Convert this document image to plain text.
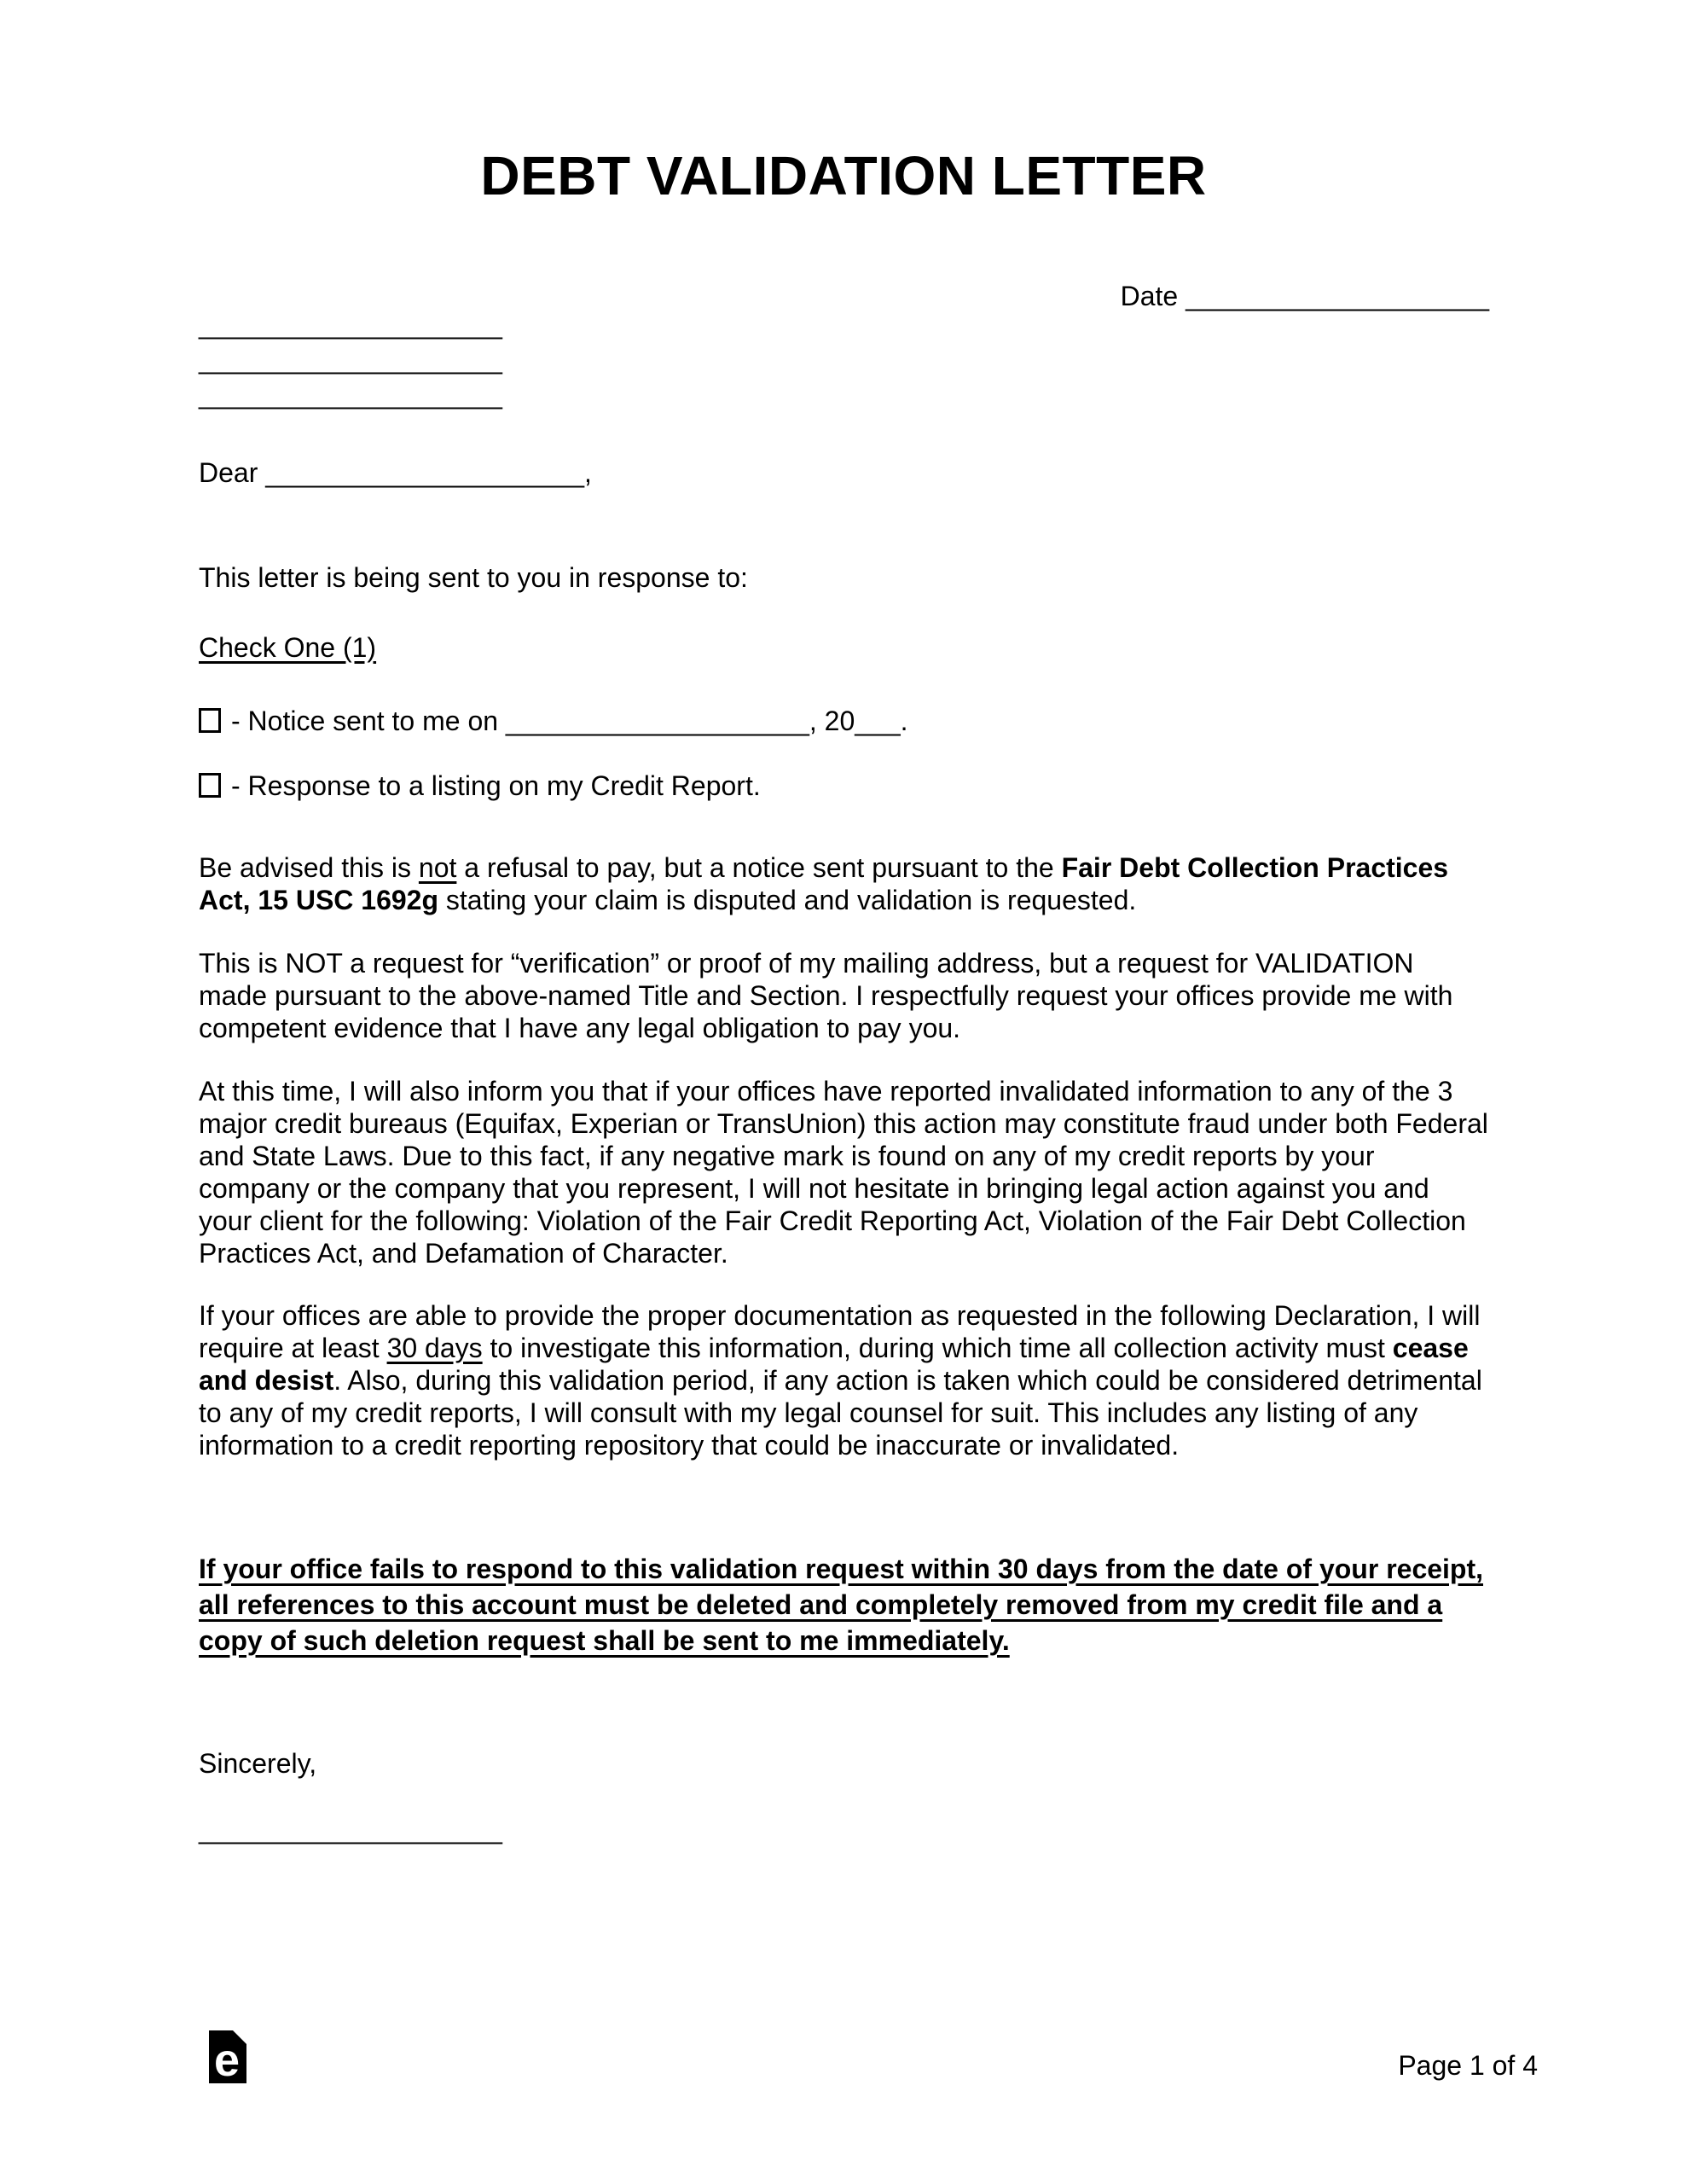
DEBT VALIDATION LETTER
Date ____________________
____________________
____________________
____________________
Dear _____________________,
This letter is being sent to you in response to:
Check One (1)
- Notice sent to me on ____________________, 20___.
- Response to a listing on my Credit Report.
Be advised this is not a refusal to pay, but a notice sent pursuant to the Fair Debt Collection Practices Act, 15 USC 1692g stating your claim is disputed and validation is requested.
This is NOT a request for “verification” or proof of my mailing address, but a request for VALIDATION made pursuant to the above-named Title and Section. I respectfully request your offices provide me with competent evidence that I have any legal obligation to pay you.
At this time, I will also inform you that if your offices have reported invalidated information to any of the 3 major credit bureaus (Equifax, Experian or TransUnion) this action may constitute fraud under both Federal and State Laws. Due to this fact, if any negative mark is found on any of my credit reports by your company or the company that you represent, I will not hesitate in bringing legal action against you and your client for the following: Violation of the Fair Credit Reporting Act, Violation of the Fair Debt Collection Practices Act, and Defamation of Character.
If your offices are able to provide the proper documentation as requested in the following Declaration, I will require at least 30 days to investigate this information, during which time all collection activity must cease and desist. Also, during this validation period, if any action is taken which could be considered detrimental to any of my credit reports, I will consult with my legal counsel for suit. This includes any listing of any information to a credit reporting repository that could be inaccurate or invalidated.
If your office fails to respond to this validation request within 30 days from the date of your receipt, all references to this account must be deleted and completely removed from my credit file and a copy of such deletion request shall be sent to me immediately.
Sincerely,
____________________
e	Page 1 of 4
